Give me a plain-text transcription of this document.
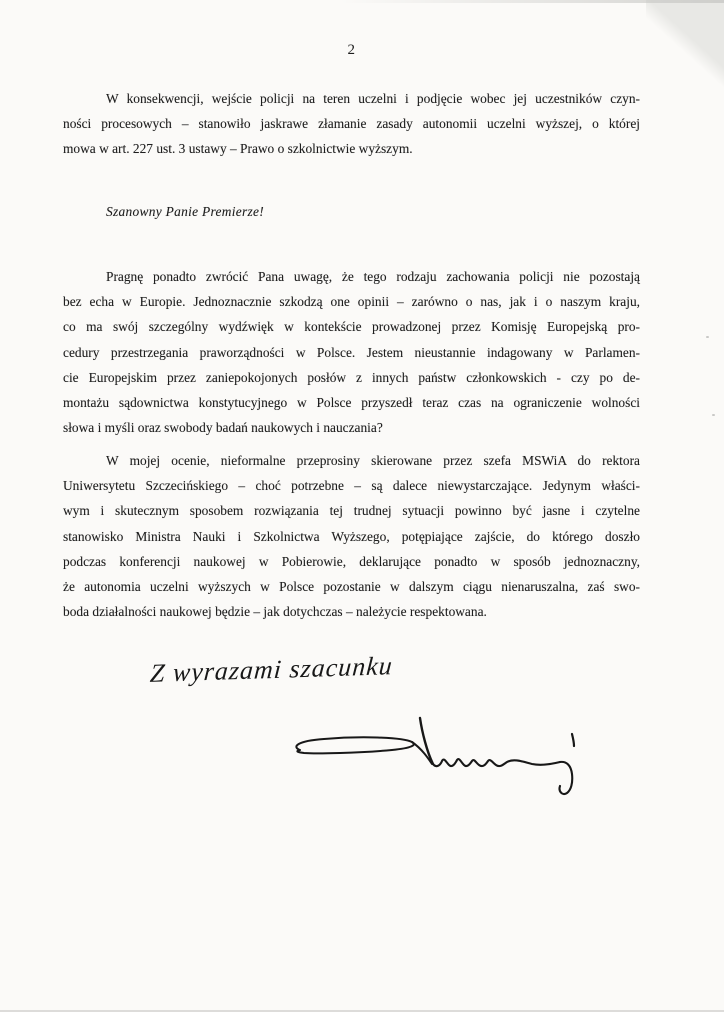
2
W konsekwencji, wejście policji na teren uczelni i podjęcie wobec jej uczestników czyn-
ności procesowych – stanowiło jaskrawe złamanie zasady autonomii uczelni wyższej, o której
mowa w art. 227 ust. 3 ustawy – Prawo o szkolnictwie wyższym.
Szanowny Panie Premierze!
Pragnę ponadto zwrócić Pana uwagę, że tego rodzaju zachowania policji nie pozostają
bez echa w Europie. Jednoznacznie szkodzą one opinii – zarówno o nas, jak i o naszym kraju,
co ma swój szczególny wydźwięk w kontekście prowadzonej przez Komisję Europejską pro-
cedury przestrzegania praworządności w Polsce. Jestem nieustannie indagowany w Parlamen-
cie Europejskim przez zaniepokojonych posłów z innych państw członkowskich - czy po de-
montażu sądownictwa konstytucyjnego w Polsce przyszedł teraz czas na ograniczenie wolności
słowa i myśli oraz swobody badań naukowych i nauczania?
W mojej ocenie, nieformalne przeprosiny skierowane przez szefa MSWiA do rektora
Uniwersytetu Szczecińskiego – choć potrzebne – są dalece niewystarczające. Jedynym właści-
wym i skutecznym sposobem rozwiązania tej trudnej sytuacji powinno być jasne i czytelne
stanowisko Ministra Nauki i Szkolnictwa Wyższego, potępiające zajście, do którego doszło
podczas konferencji naukowej w Pobierowie, deklarujące ponadto w sposób jednoznaczny,
że autonomia uczelni wyższych w Polsce pozostanie w dalszym ciągu nienaruszalna, zaś swo-
boda działalności naukowej będzie – jak dotychczas – należycie respektowana.
Z wyrazami szacunku
